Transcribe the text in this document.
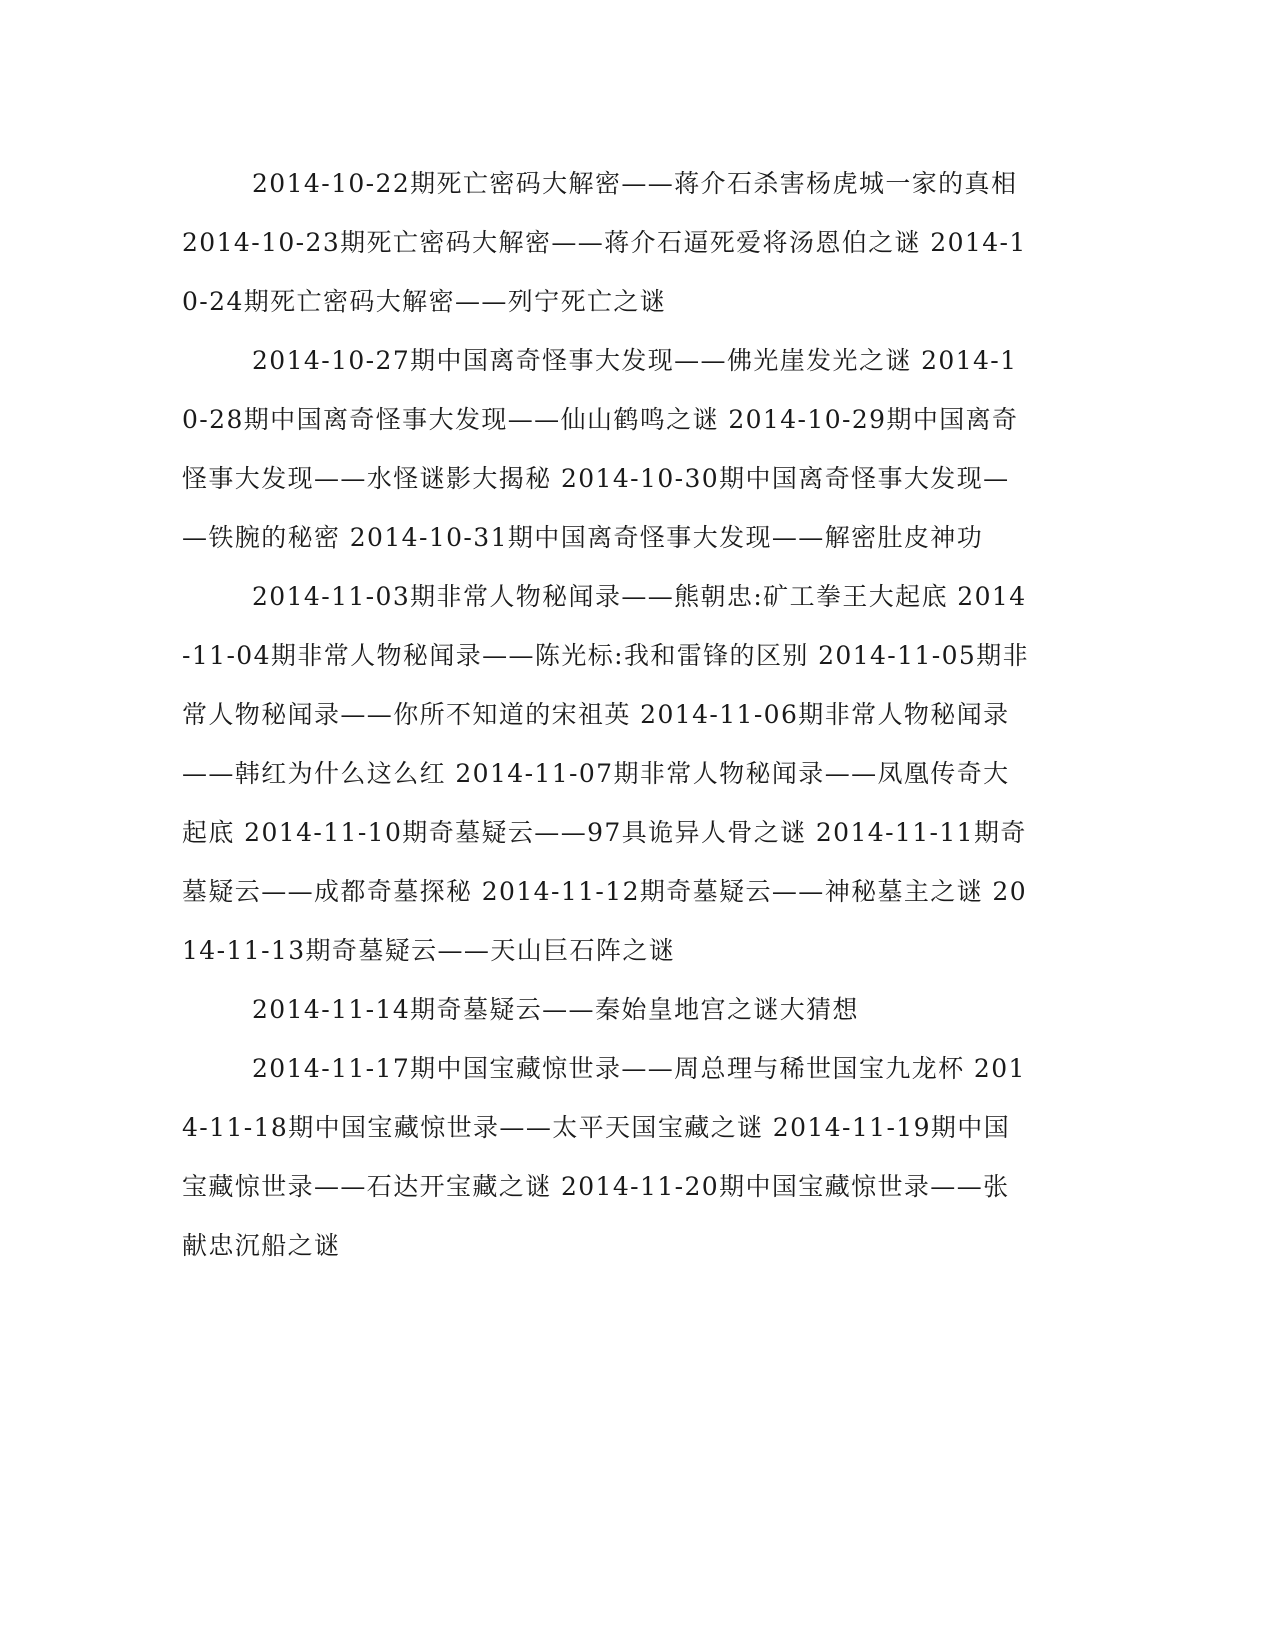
2014-10-22期死亡密码大解密——蒋介石杀害杨虎城一家的真相 2014-10-23期死亡密码大解密——蒋介石逼死爱将汤恩伯之谜 2014-10-24期死亡密码大解密——列宁死亡之谜

2014-10-27期中国离奇怪事大发现——佛光崖发光之谜 2014-10-28期中国离奇怪事大发现——仙山鹤鸣之谜 2014-10-29期中国离奇怪事大发现——水怪谜影大揭秘 2014-10-30期中国离奇怪事大发现——铁腕的秘密 2014-10-31期中国离奇怪事大发现——解密肚皮神功

2014-11-03期非常人物秘闻录——熊朝忠:矿工拳王大起底 2014-11-04期非常人物秘闻录——陈光标:我和雷锋的区别 2014-11-05期非常人物秘闻录——你所不知道的宋祖英 2014-11-06期非常人物秘闻录——韩红为什么这么红 2014-11-07期非常人物秘闻录——凤凰传奇大起底 2014-11-10期奇墓疑云——97具诡异人骨之谜 2014-11-11期奇墓疑云——成都奇墓探秘 2014-11-12期奇墓疑云——神秘墓主之谜 2014-11-13期奇墓疑云——天山巨石阵之谜

2014-11-14期奇墓疑云——秦始皇地宫之谜大猜想

2014-11-17期中国宝藏惊世录——周总理与稀世国宝九龙杯 2014-11-18期中国宝藏惊世录——太平天国宝藏之谜 2014-11-19期中国宝藏惊世录——石达开宝藏之谜 2014-11-20期中国宝藏惊世录——张献忠沉船之谜
